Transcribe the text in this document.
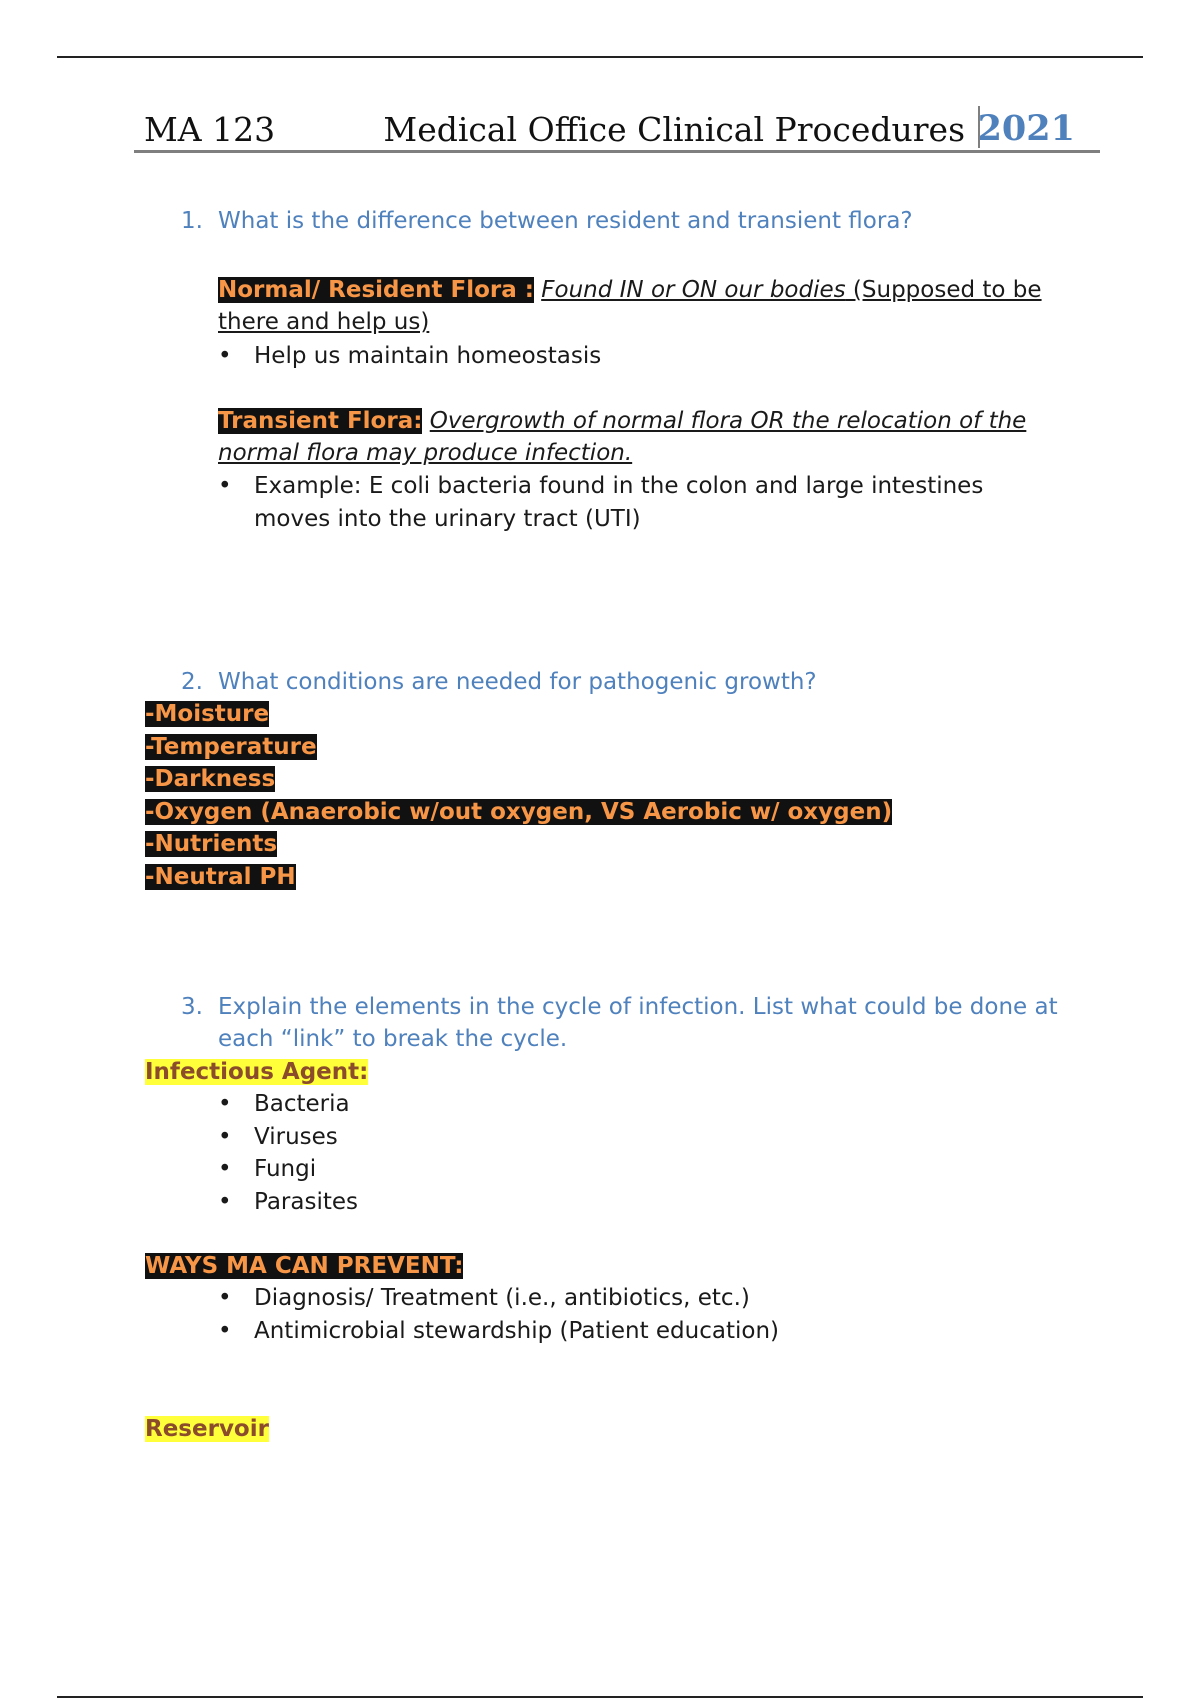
MA 123	Medical Office Clinical Procedures 2021
1. What is the difference between resident and transient flora?
Normal/ Resident Flora : Found IN or ON our bodies (Supposed to be there and help us)
• Help us maintain homeostasis
Transient Flora: Overgrowth of normal flora OR the relocation of the normal flora may produce infection.
• Example: E coli bacteria found in the colon and large intestines moves into the urinary tract (UTI)
2. What conditions are needed for pathogenic growth?
-Moisture
-Temperature
-Darkness
-Oxygen (Anaerobic w/out oxygen, VS Aerobic w/ oxygen)
-Nutrients
-Neutral PH
3. Explain the elements in the cycle of infection. List what could be done at each “link” to break the cycle.
Infectious Agent:
• Bacteria
• Viruses
• Fungi
• Parasites
WAYS MA CAN PREVENT:
• Diagnosis/ Treatment (i.e., antibiotics, etc.)
• Antimicrobial stewardship (Patient education)
Reservoir
